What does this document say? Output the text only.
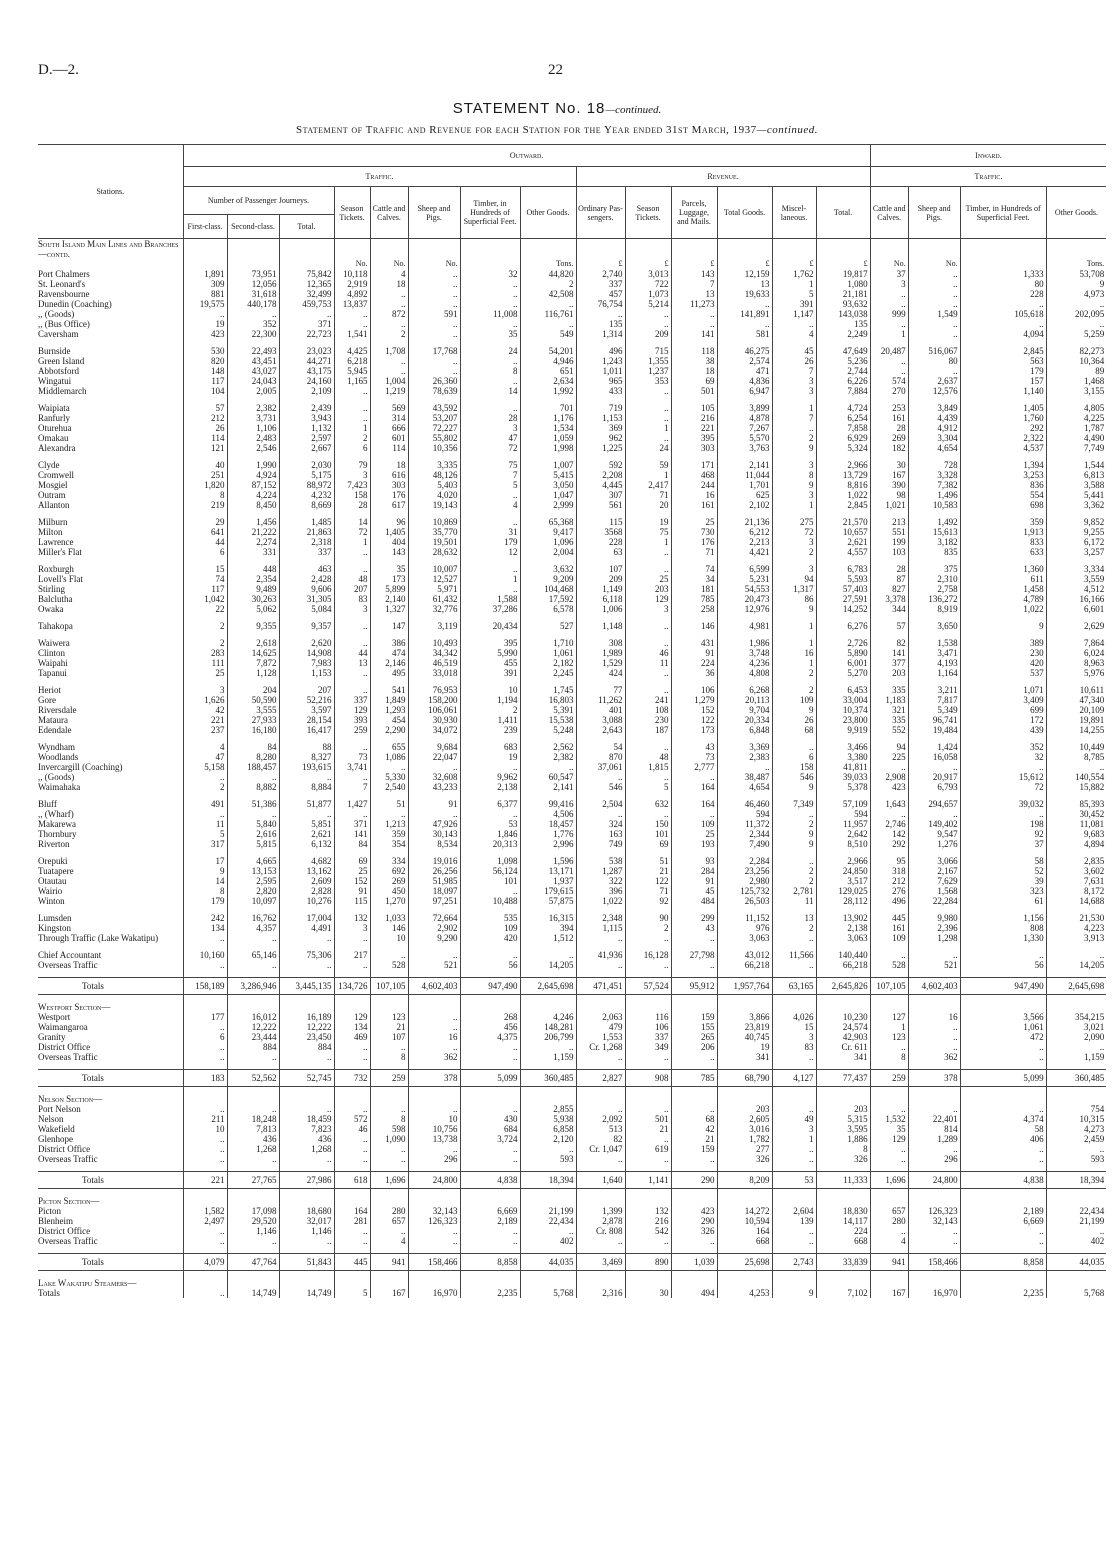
D.—2.	22
STATEMENT No. 18—continued.
Statement of Traffic and Revenue for each Station for the Year ended 31st March, 1937—continued.
Stations.	Outward.														Inward.			
	Traffic.								Revenue.						Traffic.			
	Number of Passenger Journeys.			Season Tickets.	Cattle and Calves.	Sheep and Pigs.	Timber, in Hundreds of Superficial Feet.	Other Goods.	Ordinary Pas-sengers.	Season Tickets.	Parcels, Luggage, and Mails.	Total Goods.	Miscel-laneous.	Total.	Cattle and Calves.	Sheep and Pigs.	Timber, in Hundreds of Superficial Feet.	Other Goods.
	First-class.	Second-class.	Total.															
South Island Main Lines and Branches—contd.																		
				No.	No.	No.		Tons.	£	£	£	£	£	£	No.	No.		Tons.
Port Chalmers	1,891	73,951	75,842	10,118	4	..	32	44,820	2,740	3,013	143	12,159	1,762	19,817	37	..	1,333	53,708
St. Leonard's	309	12,056	12,365	2,919	18	..	..	2	337	722	7	13	1	1,080	3	..	80	9
Ravensbourne	881	31,618	32,499	4,892	..	..	..	42,508	457	1,073	13	19,633	5	21,181	..	..	228	4,973
Dunedin (Coaching)	19,575	440,178	459,753	13,837	..	..	..	..	76,754	5,214	11,273	..	391	93,632	..	..	..	..
,, (Goods)	..	..	..	..	872	591	11,008	116,761	..	..	..	141,891	1,147	143,038	999	1,549	105,618	202,095
,, (Bus Office)	19	352	371	..	..	..	..	..	135	..	..	..	..	135	..	..	..	..
Caversham	423	22,300	22,723	1,541	2	..	35	549	1,314	209	141	581	4	2,249	1	..	4,094	5,259

Burnside	530	22,493	23,023	4,425	1,708	17,768	24	54,201	496	715	118	46,275	45	47,649	20,487	516,067	2,845	82,273
Green Island	820	43,451	44,271	6,218	..	..	..	4,946	1,243	1,355	38	2,574	26	5,236	..	80	563	10,364
Abbotsford	148	43,027	43,175	5,945	..	..	8	651	1,011	1,237	18	471	7	2,744	..	..	179	89
Wingatui	117	24,043	24,160	1,165	1,004	26,360	..	2,634	965	353	69	4,836	3	6,226	574	2,637	157	1,468
Middlemarch	104	2,005	2,109	..	1,219	78,639	14	1,992	433	..	501	6,947	3	7,884	270	12,576	1,140	3,155

Waipiata	57	2,382	2,439	..	569	43,592	..	701	719	..	105	3,899	1	4,724	253	3,849	1,405	4,805
Ranfurly	212	3,731	3,943	..	314	53,207	28	1,176	1,153	..	216	4,878	7	6,254	161	4,439	1,760	4,225
Oturehua	26	1,106	1,132	1	666	72,227	3	1,534	369	1	221	7,267	..	7,858	28	4,912	292	1,787
Omakau	114	2,483	2,597	2	601	55,802	47	1,059	962	..	395	5,570	2	6,929	269	3,304	2,322	4,490
Alexandra	121	2,546	2,667	6	114	10,356	72	1,998	1,225	24	303	3,763	9	5,324	182	4,654	4,537	7,749

Clyde	40	1,990	2,030	79	18	3,335	75	1,007	592	59	171	2,141	3	2,966	30	728	1,394	1,544
Cromwell	251	4,924	5,175	3	616	48,126	7	5,415	2,208	1	468	11,044	8	13,729	167	3,328	3,253	6,813
Mosgiel	1,820	87,152	88,972	7,423	303	5,403	5	3,050	4,445	2,417	244	1,701	9	8,816	390	7,382	836	3,588
Outram	8	4,224	4,232	158	176	4,020	..	1,047	307	71	16	625	3	1,022	98	1,496	554	5,441
Allanton	219	8,450	8,669	28	617	19,143	4	2,999	561	20	161	2,102	1	2,845	1,021	10,583	698	3,362

Milburn	29	1,456	1,485	14	96	10,869	..	65,368	115	19	25	21,136	275	21,570	213	1,492	359	9,852
Milton	641	21,222	21,863	72	1,405	35,770	31	9,417	3568	75	730	6,212	72	10,657	551	15,613	1,913	9,255
Lawrence	44	2,274	2,318	1	404	19,501	179	1,096	228	1	176	2,213	3	2,621	199	3,182	833	6,172
Miller's Flat	6	331	337	..	143	28,632	12	2,004	63	..	71	4,421	2	4,557	103	835	633	3,257

Roxburgh	15	448	463	..	35	10,007	..	3,632	107	..	74	6,599	3	6,783	28	375	1,360	3,334
Lovell's Flat	74	2,354	2,428	48	173	12,527	1	9,209	209	25	34	5,231	94	5,593	87	2,310	611	3,559
Stirling	117	9,489	9,606	207	5,899	5,971	..	104,468	1,149	203	181	54,553	1,317	57,403	827	2,758	1,458	4,512
Balclutha	1,042	30,263	31,305	83	2,140	61,432	1,588	17,592	6,118	129	785	20,473	86	27,591	3,378	136,272	4,789	16,166
Owaka	22	5,062	5,084	3	1,327	32,776	37,286	6,578	1,006	3	258	12,976	9	14,252	344	8,919	1,022	6,601

Tahakopa	2	9,355	9,357	..	147	3,119	20,434	527	1,148	..	146	4,981	1	6,276	57	3,650	9	2,629

Waiwera	2	2,618	2,620	..	386	10,493	395	1,710	308	..	431	1,986	1	2,726	82	1,538	389	7,864
Clinton	283	14,625	14,908	44	474	34,342	5,990	1,061	1,989	46	91	3,748	16	5,890	141	3,471	230	6,024
Waipahi	111	7,872	7,983	13	2,146	46,519	455	2,182	1,529	11	224	4,236	1	6,001	377	4,193	420	8,963
Tapanui	25	1,128	1,153	..	495	33,018	391	2,245	424	..	36	4,808	2	5,270	203	1,164	537	5,976

Heriot	3	204	207	..	541	76,953	10	1,745	77	..	106	6,268	2	6,453	335	3,211	1,071	10,611
Gore	1,626	50,590	52,216	337	1,849	158,200	1,194	16,803	11,262	241	1,279	20,113	109	33,004	1,183	7,817	3,409	47,340
Riversdale	42	3,555	3,597	129	1,293	106,061	2	5,391	401	108	152	9,704	9	10,374	321	5,349	699	20,109
Mataura	221	27,933	28,154	393	454	30,930	1,411	15,538	3,088	230	122	20,334	26	23,800	335	96,741	172	19,891
Edendale	237	16,180	16,417	259	2,290	34,072	239	5,248	2,643	187	173	6,848	68	9,919	552	19,484	439	14,255

Wyndham	4	84	88	..	655	9,684	683	2,562	54	..	43	3,369	..	3,466	94	1,424	352	10,449
Woodlands	47	8,280	8,327	73	1,086	22,047	19	2,382	870	48	73	2,383	6	3,380	225	16,058	32	8,785
Invercargill (Coaching)	5,158	188,457	193,615	3,741	..	..	..	..	37,061	1,815	2,777	..	158	41,811	..	..	..	..
,, (Goods)	..	..	..	..	5,330	32,608	9,962	60,547	..	..	..	38,487	546	39,033	2,908	20,917	15,612	140,554
Waimahaka	2	8,882	8,884	7	2,540	43,233	2,138	2,141	546	5	164	4,654	9	5,378	423	6,793	72	15,882

Bluff	491	51,386	51,877	1,427	51	91	6,377	99,416	2,504	632	164	46,460	7,349	57,109	1,643	294,657	39,032	85,393
,, (Wharf)	..	..	..	..	..	..	..	4,506	..	..	..	594	..	594	..	..	..	30,452
Makarewa	11	5,840	5,851	371	1,213	47,926	53	18,457	324	150	109	11,372	2	11,957	2,746	149,402	198	11,081
Thornbury	5	2,616	2,621	141	359	30,143	1,846	1,776	163	101	25	2,344	9	2,642	142	9,547	92	9,683
Riverton	317	5,815	6,132	84	354	8,534	20,313	2,996	749	69	193	7,490	9	8,510	292	1,276	37	4,894

Orepuki	17	4,665	4,682	69	334	19,016	1,098	1,596	538	51	93	2,284	..	2,966	95	3,066	58	2,835
Tuatapere	9	13,153	13,162	25	692	26,256	56,124	13,171	1,287	21	284	23,256	2	24,850	318	2,167	52	3,602
Otautau	14	2,595	2,609	152	269	51,985	101	1,937	322	122	91	2,980	2	3,517	212	7,629	39	7,631
Wairio	8	2,820	2,828	91	450	18,097	..	179,615	396	71	45	125,732	2,781	129,025	276	1,568	323	8,172
Winton	179	10,097	10,276	115	1,270	97,251	10,488	57,875	1,022	92	484	26,503	11	28,112	496	22,284	61	14,688

Lumsden	242	16,762	17,004	132	1,033	72,664	535	16,315	2,348	90	299	11,152	13	13,902	445	9,980	1,156	21,530
Kingston	134	4,357	4,491	3	146	2,902	109	394	1,115	2	43	976	2	2,138	161	2,396	808	4,223
Through Traffic (Lake Wakatipu)	..	..	..	..	10	9,290	420	1,512	..	..	..	3,063	..	3,063	109	1,298	1,330	3,913

Chief Accountant	10,160	65,146	75,306	217	..	..	..	..	41,936	16,128	27,798	43,012	11,566	140,440	..	..	..	..
Overseas Traffic	..	..	..	..	528	521	56	14,205	..	..	..	66,218	..	66,218	528	521	56	14,205

Totals	158,189	3,286,946	3,445,135	134,726	107,105	4,602,403	947,490	2,645,698	471,451	57,524	95,912	1,957,764	63,165	2,645,826	107,105	4,602,403	947,490	2,645,698

Westport Section—																		
Westport	177	16,012	16,189	129	123	..	268	4,246	2,063	116	159	3,866	4,026	10,230	127	16	3,566	354,215
Waimangaroa	..	12,222	12,222	134	21	..	456	148,281	479	106	155	23,819	15	24,574	1	..	1,061	3,021
Granity	6	23,444	23,450	469	107	16	4,375	206,799	1,553	337	265	40,745	3	42,903	123	..	472	2,090
District Office	..	884	884	..	..	..	..	..	Cr. 1,268	349	206	19	83	Cr. 611	..	..	..	..
Overseas Traffic	..	..	..	..	8	362	..	1,159	..	..	..	341	..	341	8	362	..	1,159

Totals	183	52,562	52,745	732	259	378	5,099	360,485	2,827	908	785	68,790	4,127	77,437	259	378	5,099	360,485

Nelson Section—																		
Port Nelson	..	..	..	..	..	..	..	2,855	..	..	..	203	..	203	..	..	..	754
Nelson	211	18,248	18,459	572	8	10	430	5,938	2,092	501	68	2,605	49	5,315	1,532	22,401	4,374	10,315
Wakefield	10	7,813	7,823	46	598	10,756	684	6,858	513	21	42	3,016	3	3,595	35	814	58	4,273
Glenhope	..	436	436	..	1,090	13,738	3,724	2,120	82	..	21	1,782	1	1,886	129	1,289	406	2,459
District Office	..	1,268	1,268	..	..	..	..	..	Cr. 1,047	619	159	277	..	8	..	..	..	..
Overseas Traffic	..	..	..	..	..	296	..	593	..	..	..	326	..	326	..	296	..	593

Totals	221	27,765	27,986	618	1,696	24,800	4,838	18,394	1,640	1,141	290	8,209	53	11,333	1,696	24,800	4,838	18,394

Picton Section—																		
Picton	1,582	17,098	18,680	164	280	32,143	6,669	21,199	1,399	132	423	14,272	2,604	18,830	657	126,323	2,189	22,434
Blenheim	2,497	29,520	32,017	281	657	126,323	2,189	22,434	2,878	216	290	10,594	139	14,117	280	32,143	6,669	21,199
District Office	..	1,146	1,146	..	..	..	..	..	Cr. 808	542	326	164	..	224	..	..	..	..
Overseas Traffic	..	..	..	..	4	..	..	402	..	..	..	668	..	668	4	..	..	402

Totals	4,079	47,764	51,843	445	941	158,466	8,858	44,035	3,469	890	1,039	25,698	2,743	33,839	941	158,466	8,858	44,035

Lake Wakatipu Steamers—																		
Totals	..	14,749	14,749	5	167	16,970	2,235	5,768	2,316	30	494	4,253	9	7,102	167	16,970	2,235	5,768
